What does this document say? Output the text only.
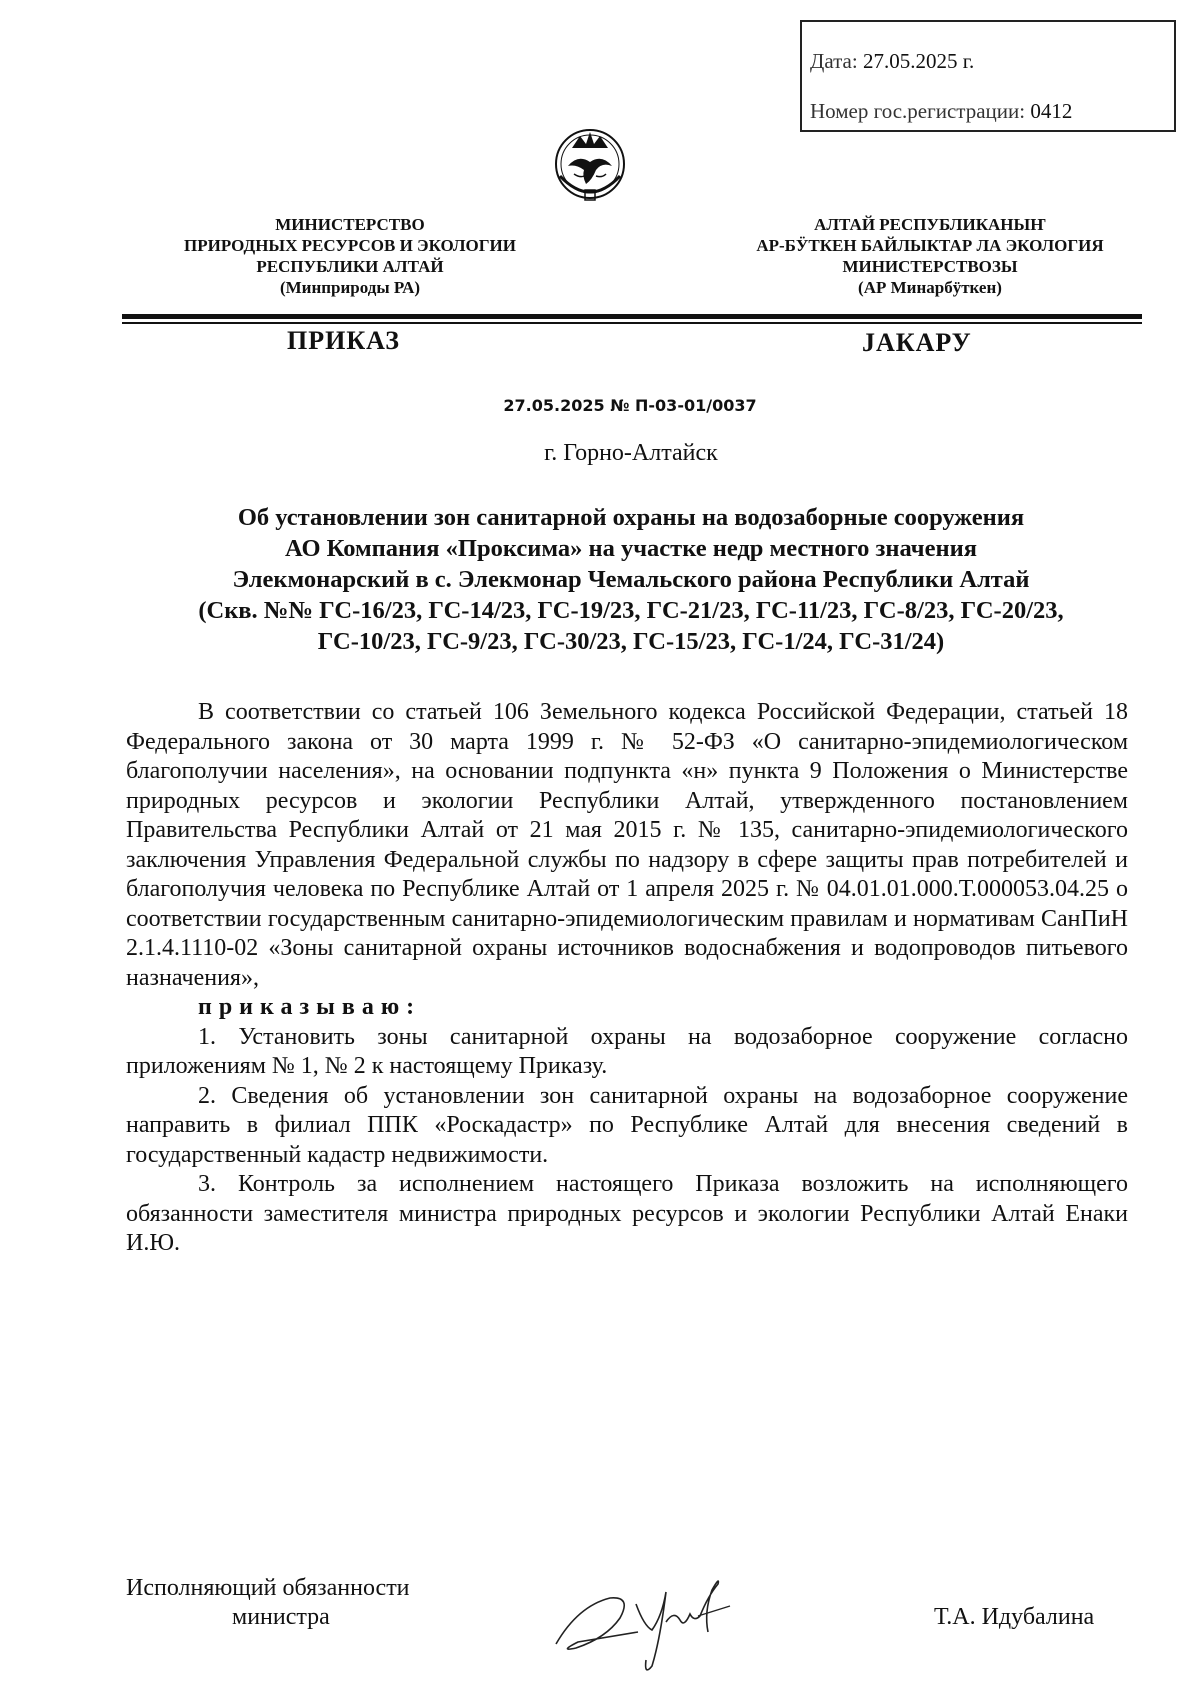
Дата: 27.05.2025 г.
Номер гос.регистрации: 0412
МИНИСТЕРСТВО
ПРИРОДНЫХ РЕСУРСОВ И ЭКОЛОГИИ
РЕСПУБЛИКИ АЛТАЙ
(Минприроды РА)
АЛТАЙ РЕСПУБЛИКАНЫҤ
АР-БӰТКЕН БАЙЛЫКТАР ЛА ЭКОЛОГИЯ
МИНИСТЕРСТВОЗЫ
(АР Минарбӱткен)
ПРИКАЗ	JАКАРУ
27.05.2025 № П-03-01/0037
г. Горно-Алтайск
Об установлении зон санитарной охраны на водозаборные сооружения
АО Компания «Проксима» на участке недр местного значения
Элекмонарский в с. Элекмонар Чемальского района Республики Алтай
(Скв. №№ ГС-16/23, ГС-14/23, ГС-19/23, ГС-21/23, ГС-11/23, ГС-8/23, ГС-20/23,
ГС-10/23, ГС-9/23, ГС-30/23, ГС-15/23, ГС-1/24, ГС-31/24)

В соответствии со статьей 106 Земельного кодекса Российской Федерации, статьей 18 Федерального закона от 30 марта 1999 г. № 52-ФЗ «О санитарно-эпидемиологическом благополучии населения», на основании подпункта «н» пункта 9 Положения о Министерстве природных ресурсов и экологии Республики Алтай, утвержденного постановлением Правительства Республики Алтай от 21 мая 2015 г. № 135, санитарно-эпидемиологического заключения Управления Федеральной службы по надзору в сфере защиты прав потребителей и благополучия человека по Республике Алтай от 1 апреля 2025 г. № 04.01.01.000.Т.000053.04.25 о соответствии государственным санитарно-эпидемиологическим правилам и нормативам СанПиН 2.1.4.1110-02 «Зоны санитарной охраны источников водоснабжения и водопроводов питьевого назначения»,

приказываю:

1. Установить зоны санитарной охраны на водозаборное сооружение согласно приложениям № 1, № 2 к настоящему Приказу.

2. Сведения об установлении зон санитарной охраны на водозаборное сооружение направить в филиал ППК «Роскадастр» по Республике Алтай для внесения сведений в государственный кадастр недвижимости.

3. Контроль за исполнением настоящего Приказа возложить на исполняющего обязанности заместителя министра природных ресурсов и экологии Республики Алтай Енаки И.Ю.

Исполняющий обязанности
министра	Т.А. Идубалина
